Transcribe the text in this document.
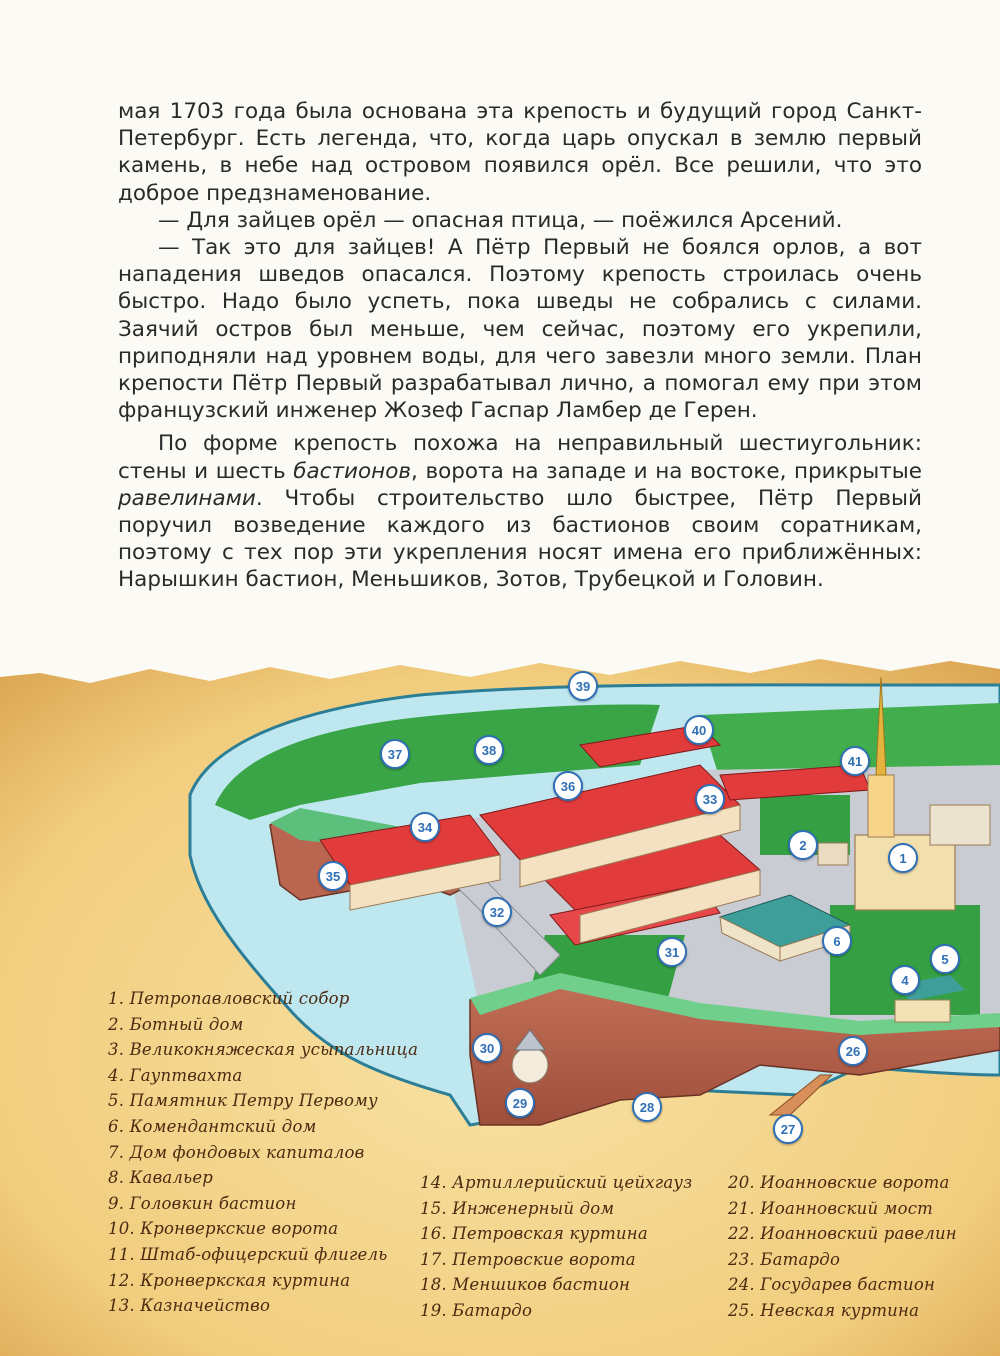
мая 1703 года была основана эта крепость и будущий город Санкт-Петербург. Есть легенда, что, когда царь опускал в землю первый камень, в небе над островом появился орёл. Все решили, что это доброе предзнаменование.

— Для зайцев орёл — опасная птица, — поёжился Арсений.

— Так это для зайцев! А Пётр Первый не боялся орлов, а вот нападения шведов опасался. Поэтому крепость строилась очень быстро. Надо было успеть, пока шведы не собрались с силами. Заячий остров был меньше, чем сейчас, поэтому его укрепили, приподняли над уровнем воды, для чего завезли много земли. План крепости Пётр Первый разрабатывал лично, а помогал ему при этом французский инженер Жозеф Гаспар Ламбер де Герен.

По форме крепость похожа на неправильный шестиугольник: стены и шесть бастионов, ворота на западе и на востоке, прикрытые равелинами. Чтобы строительство шло быстрее, Пётр Первый поручил возведение каждого из бастионов своим соратникам, поэтому с тех пор эти укрепления носят имена его приближённых: Нарышкин бастион, Меньшиков, Зотов, Трубецкой и Головин.

1
2
4
5
6
26
27
28
29
30
31
32
33
34
35
36
37	38
39
40
41
1. Петропавловский собор
2. Ботный дом
3. Великокняжеская усыпальница
4. Гауптвахта
5. Памятник Петру Первому
6. Комендантский дом
7. Дом фондовых капиталов
8. Кавальер
9. Головкин бастион
10. Кронверкские ворота
11. Штаб-офицерский флигель
12. Кронверкская куртина
13. Казначейство
14. Артиллерийский цейхгауз
15. Инженерный дом
16. Петровская куртина
17. Петровские ворота
18. Меншиков бастион
19. Батардо
20. Иоанновские ворота
21. Иоанновский мост
22. Иоанновский равелин
23. Батардо
24. Государев бастион
25. Невская куртина
